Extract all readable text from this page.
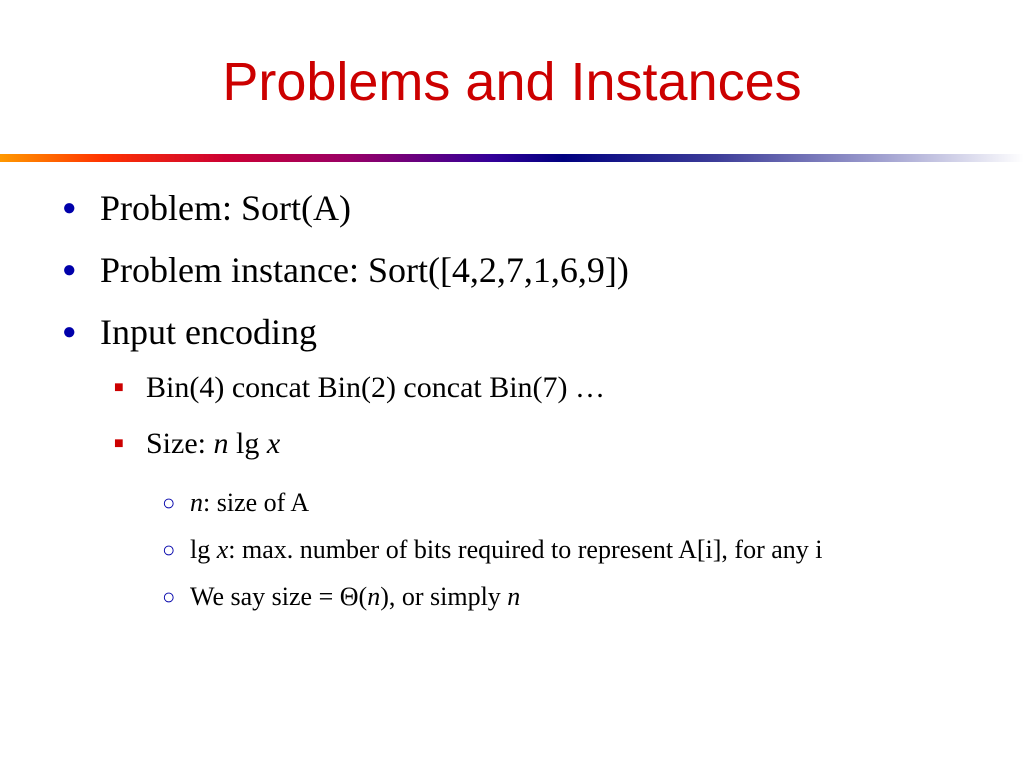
Problems and Instances
● Problem: Sort(A)
● Problem instance: Sort([4,2,7,1,6,9])
● Input encoding
■ Bin(4) concat Bin(2) concat Bin(7) …
■ Size: n lg x
○ n: size of A
○ lg x: max. number of bits required to represent A[i], for any i
○ We say size = Θ(n), or simply n
